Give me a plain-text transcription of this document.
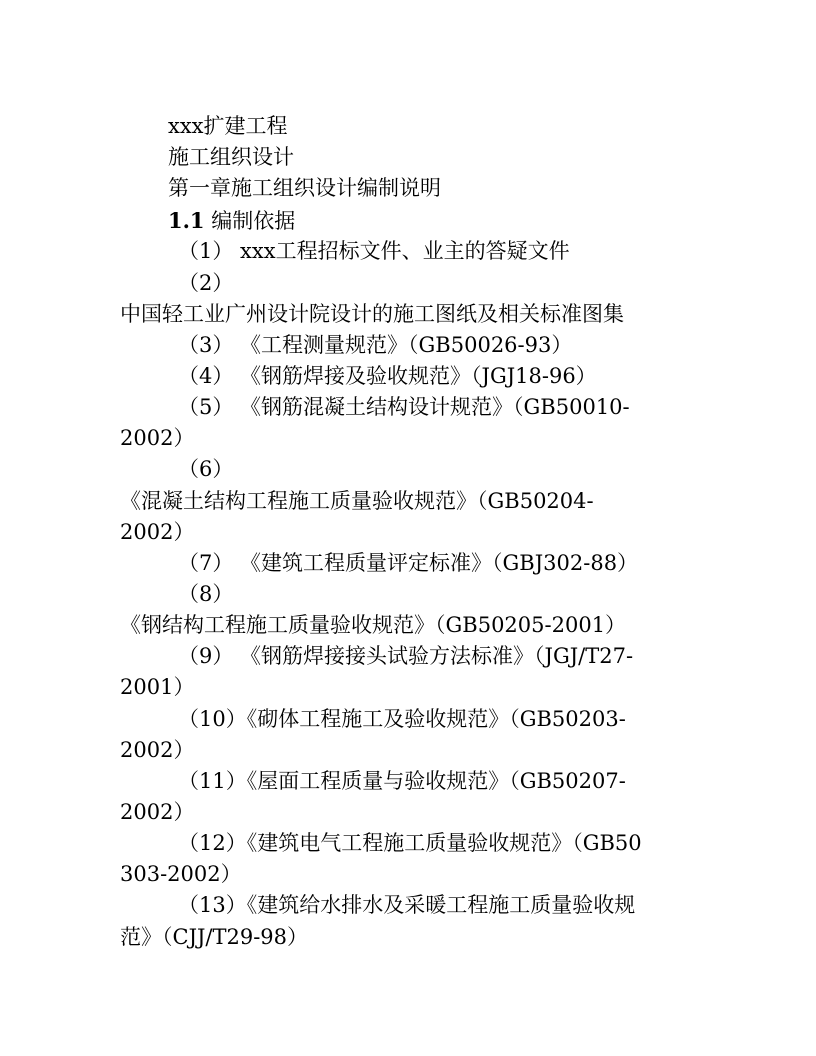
xxx扩建工程
施工组织设计
第一章施工组织设计编制说明
1.1 编制依据
（1） xxx工程招标文件、业主的答疑文件
（2）
中国轻工业广州设计院设计的施工图纸及相关标准图集
（3） 《工程测量规范》（GB50026-93）
（4） 《钢筋焊接及验收规范》（JGJ18-96）
（5） 《钢筋混凝土结构设计规范》（GB50010-
2002）
（6）
《混凝土结构工程施工质量验收规范》（GB50204-
2002）
（7） 《建筑工程质量评定标准》（GBJ302-88）
（8）
《钢结构工程施工质量验收规范》（GB50205-2001）
（9） 《钢筋焊接接头试验方法标准》（JGJ/T27-
2001）
（10）《砌体工程施工及验收规范》（GB50203-
2002）
（11）《屋面工程质量与验收规范》（GB50207-
2002）
（12）《建筑电气工程施工质量验收规范》（GB50
303-2002）
（13）《建筑给水排水及采暖工程施工质量验收规
范》（CJJ/T29-98）
